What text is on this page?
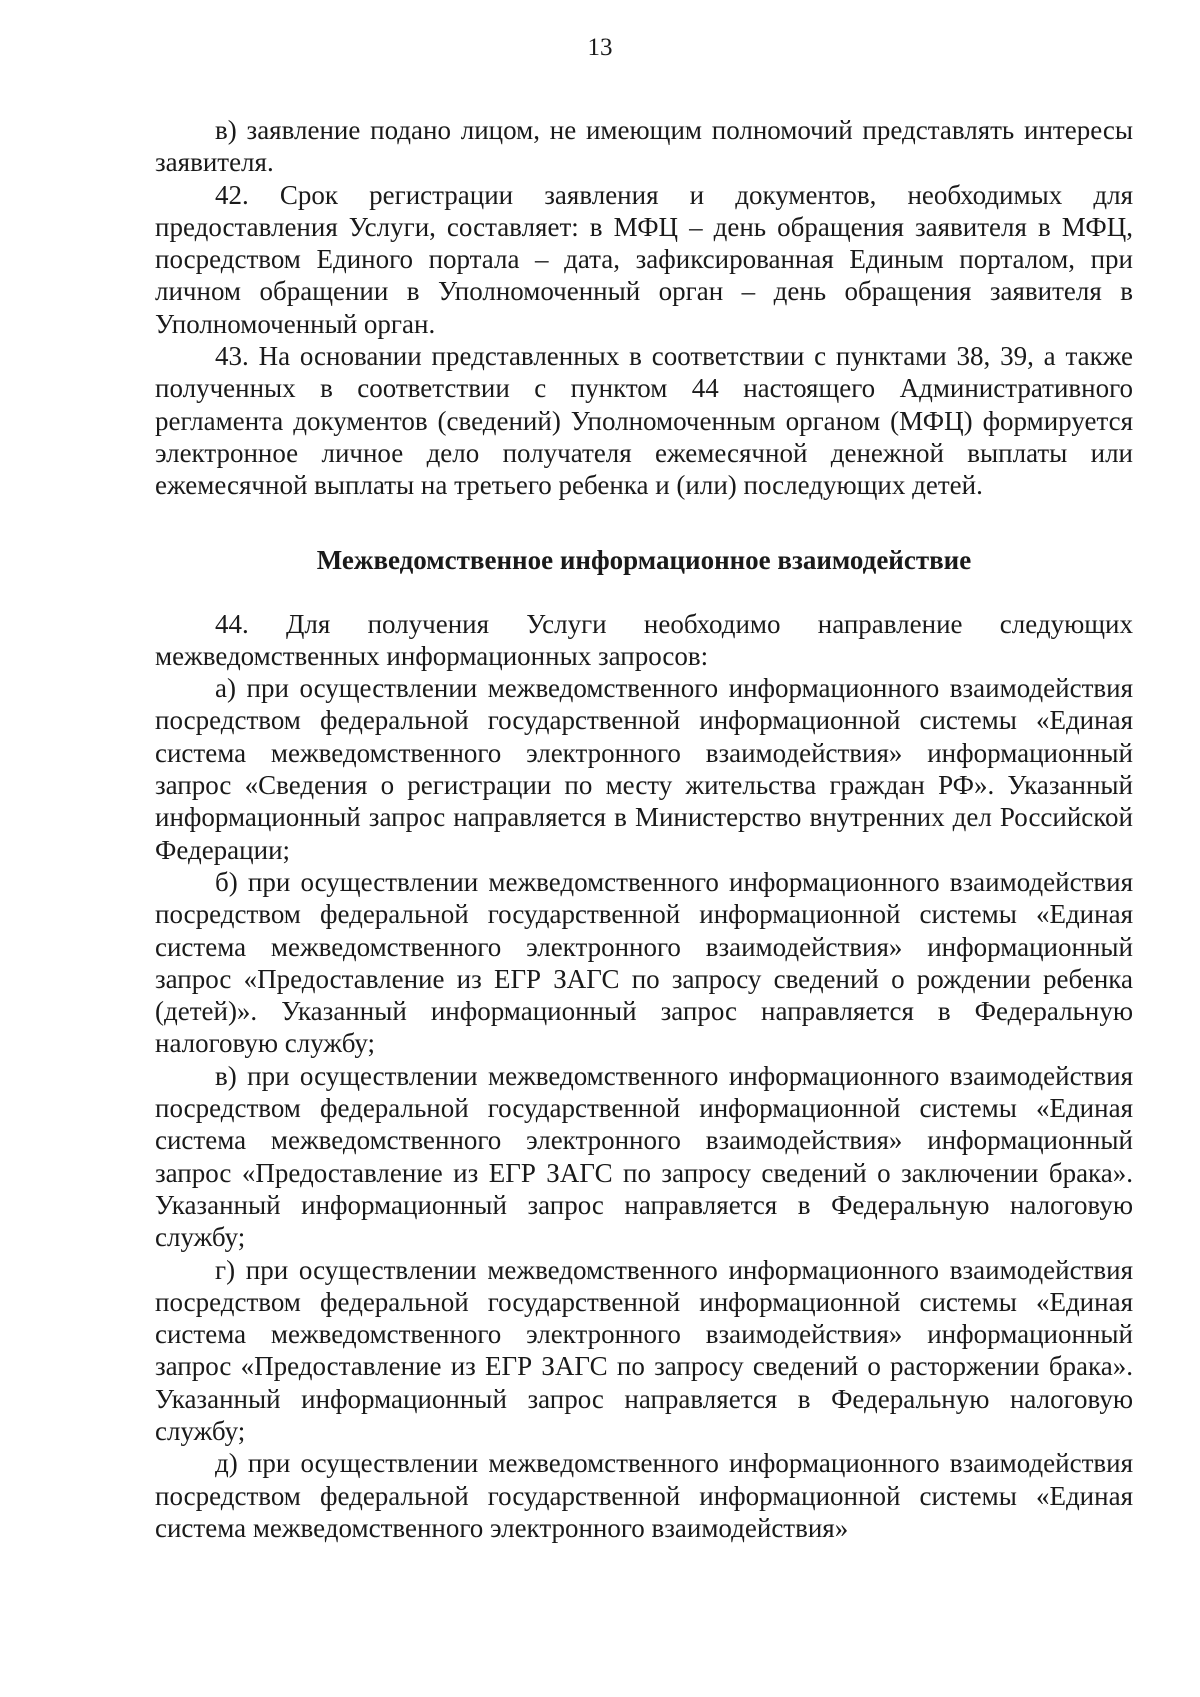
13

в) заявление подано лицом, не имеющим полномочий представлять интересы заявителя.

42. Срок регистрации заявления и документов, необходимых для предоставления Услуги, составляет: в МФЦ – день обращения заявителя в МФЦ, посредством Единого портала – дата, зафиксированная Единым порталом, при личном обращении в Уполномоченный орган – день обращения заявителя в Уполномоченный орган.

43. На основании представленных в соответствии с пунктами 38, 39, а также полученных в соответствии с пунктом 44 настоящего Административного регламента документов (сведений) Уполномоченным органом (МФЦ) формируется электронное личное дело получателя ежемесячной денежной выплаты или ежемесячной выплаты на третьего ребенка и (или) последующих детей.

Межведомственное информационное взаимодействие

44. Для получения Услуги необходимо направление следующих межведомственных информационных запросов:

а) при осуществлении межведомственного информационного взаимодействия посредством федеральной государственной информационной системы «Единая система межведомственного электронного взаимодействия» информационный запрос «Сведения о регистрации по месту жительства граждан РФ». Указанный информационный запрос направляется в Министерство внутренних дел Российской Федерации;

б) при осуществлении межведомственного информационного взаимодействия посредством федеральной государственной информационной системы «Единая система межведомственного электронного взаимодействия» информационный запрос «Предоставление из ЕГР ЗАГС по запросу сведений о рождении ребенка (детей)». Указанный информационный запрос направляется в Федеральную налоговую службу;

в) при осуществлении межведомственного информационного взаимодействия посредством федеральной государственной информационной системы «Единая система межведомственного электронного взаимодействия» информационный запрос «Предоставление из ЕГР ЗАГС по запросу сведений о заключении брака». Указанный информационный запрос направляется в Федеральную налоговую службу;

г) при осуществлении межведомственного информационного взаимодействия посредством федеральной государственной информационной системы «Единая система межведомственного электронного взаимодействия» информационный запрос «Предоставление из ЕГР ЗАГС по запросу сведений о расторжении брака». Указанный информационный запрос направляется в Федеральную налоговую службу;

д) при осуществлении межведомственного информационного взаимодействия посредством федеральной государственной информационной системы «Единая система межведомственного электронного взаимодействия»
